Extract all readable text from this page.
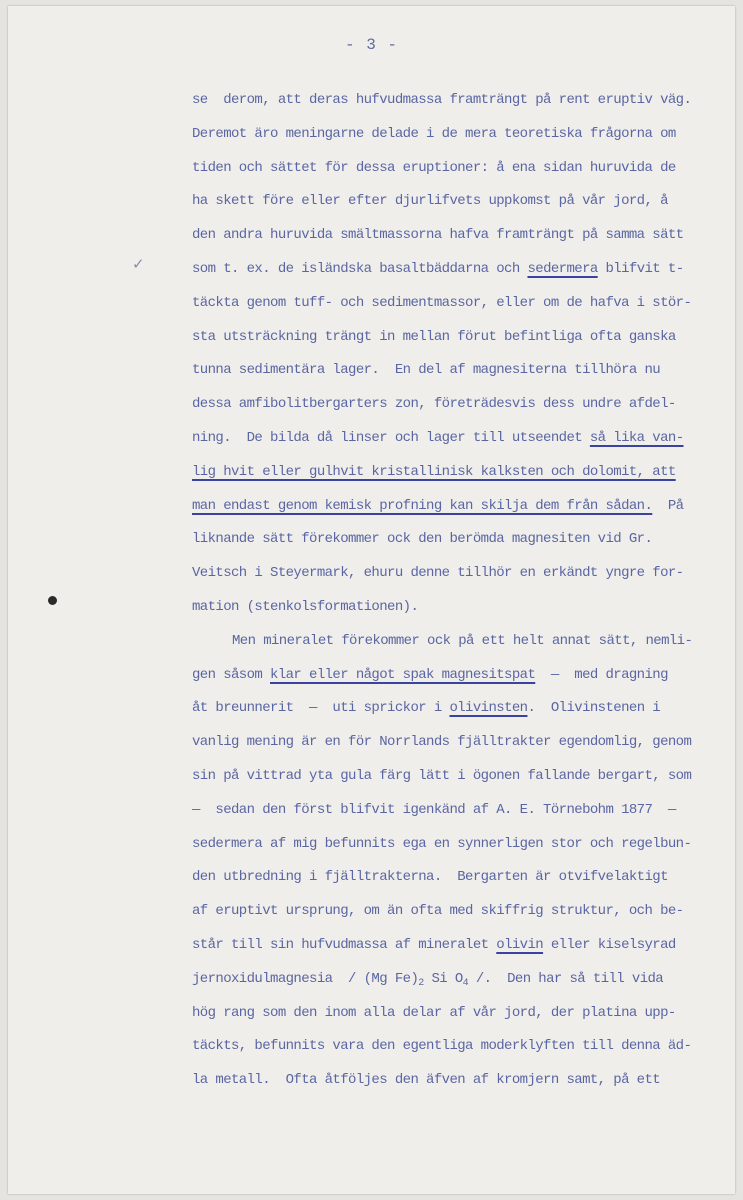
- 3 -
✓
se  derom, att deras hufvudmassa framträngt på rent eruptiv väg.
Deremot äro meningarne delade i de mera teoretiska frågorna om
tiden och sättet för dessa eruptioner: å ena sidan huruvida de
ha skett före eller efter djurlifvets uppkomst på vår jord, å
den andra huruvida smältmassorna hafva framträngt på samma sätt
som t. ex. de isländska basaltbäddarna och sedermera blifvit t-
täckta genom tuff- och sedimentmassor, eller om de hafva i stör-
sta utsträckning trängt in mellan förut befintliga ofta ganska
tunna sedimentära lager.  En del af magnesiterna tillhöra nu
dessa amfibolitbergarters zon, företrädesvis dess undre afdel-
ning.  De bilda då linser och lager till utseendet så lika van-
lig hvit eller gulhvit kristallinisk kalksten och dolomit, att
man endast genom kemisk profning kan skilja dem från sådan.  På
liknande sätt förekommer ock den berömda magnesiten vid Gr.
Veitsch i Steyermark, ehuru denne tillhör en erkändt yngre for-
mation (stenkolsformationen).
Men mineralet förekommer ock på ett helt annat sätt, nemli-
gen såsom klar eller något spak magnesitspat  —  med dragning
åt breunnerit  —  uti sprickor i olivinsten.  Olivinstenen i
vanlig mening är en för Norrlands fjälltrakter egendomlig, genom
sin på vittrad yta gula färg lätt i ögonen fallande bergart, som
—  sedan den först blifvit igenkänd af A. E. Törnebohm 1877  —
sedermera af mig befunnits ega en synnerligen stor och regelbun-
den utbredning i fjälltrakterna.  Bergarten är otvifvelaktigt
af eruptivt ursprung, om än ofta med skiffrig struktur, och be-
står till sin hufvudmassa af mineralet olivin eller kiselsyrad
jernoxidulmagnesia  / (Mg $Fe)_2$ Si $O_4$ /.  Den har så till vida
hög rang som den inom alla delar af vår jord, der platina upp-
täckts, befunnits vara den egentliga moderklyften till denna äd-
la metall.  Ofta åtföljes den äfven af kromjern samt, på ett
